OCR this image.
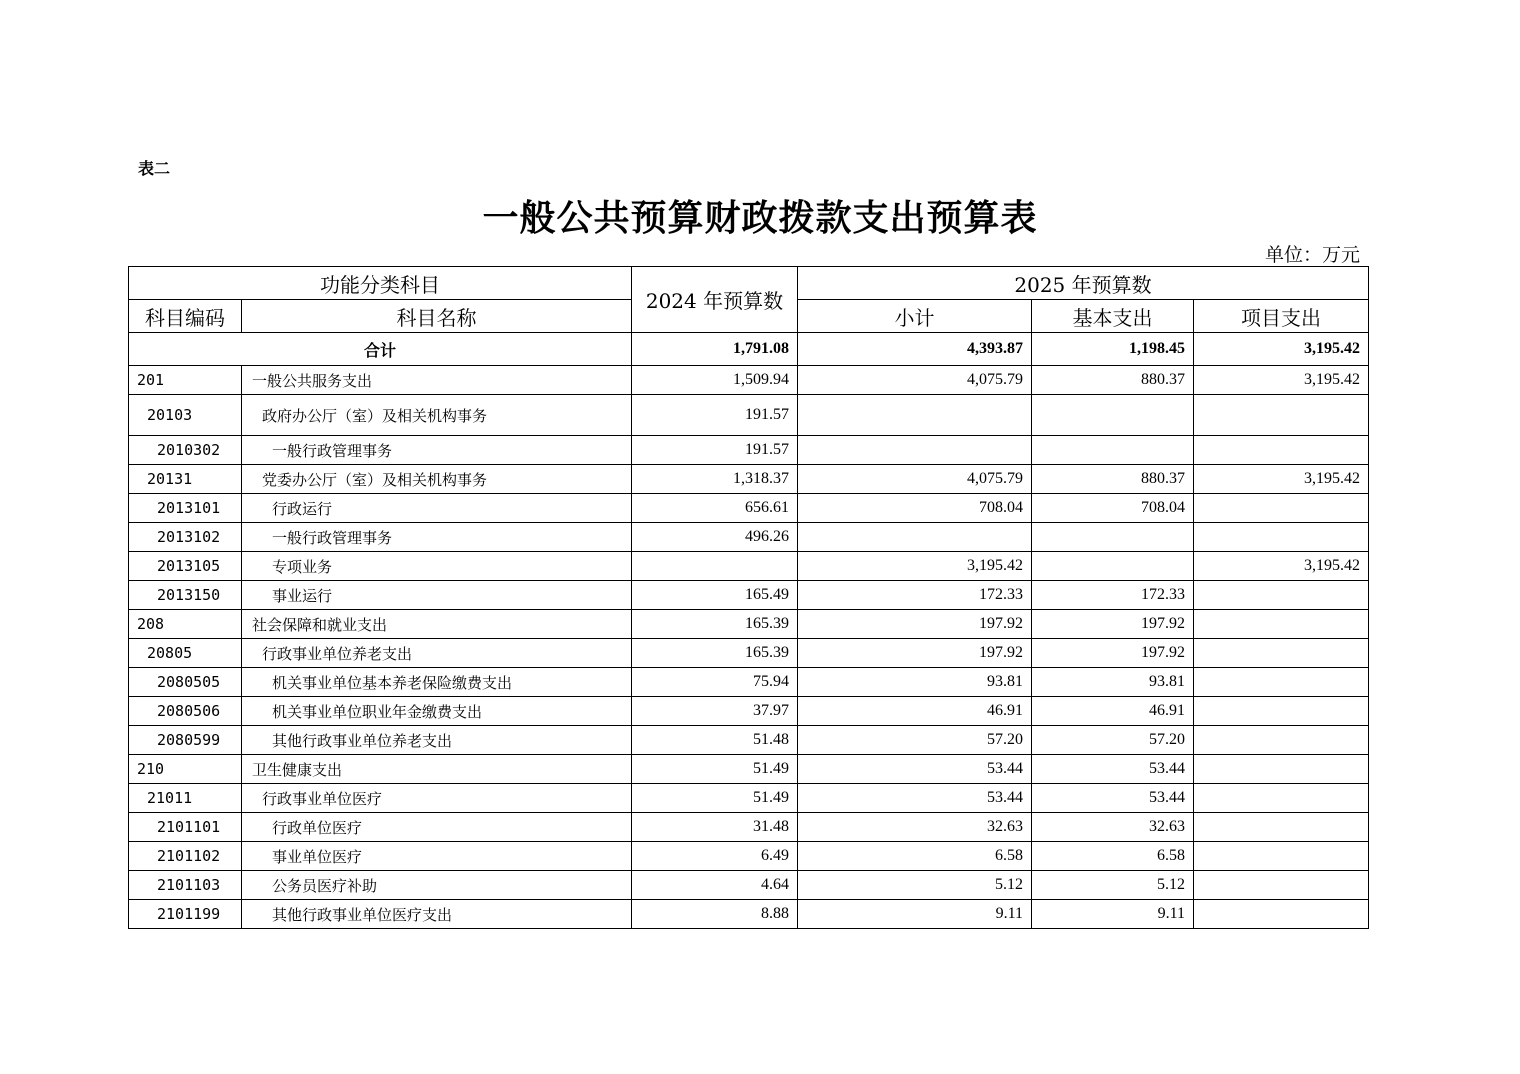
表二
一般公共预算财政拨款支出预算表
单位：万元
功能分类科目		2024 年预算数	2025 年预算数		
科目编码	科目名称		小计	基本支出	项目支出
合计		1,791.08	4,393.87	1,198.45	3,195.42
201	一般公共服务支出	1,509.94	4,075.79	880.37	3,195.42
20103	政府办公厅（室）及相关机构事务	191.57			
2010302	一般行政管理事务	191.57			
20131	党委办公厅（室）及相关机构事务	1,318.37	4,075.79	880.37	3,195.42
2013101	行政运行	656.61	708.04	708.04	
2013102	一般行政管理事务	496.26			
2013105	专项业务		3,195.42		3,195.42
2013150	事业运行	165.49	172.33	172.33	
208	社会保障和就业支出	165.39	197.92	197.92	
20805	行政事业单位养老支出	165.39	197.92	197.92	
2080505	机关事业单位基本养老保险缴费支出	75.94	93.81	93.81	
2080506	机关事业单位职业年金缴费支出	37.97	46.91	46.91	
2080599	其他行政事业单位养老支出	51.48	57.20	57.20	
210	卫生健康支出	51.49	53.44	53.44	
21011	行政事业单位医疗	51.49	53.44	53.44	
2101101	行政单位医疗	31.48	32.63	32.63	
2101102	事业单位医疗	6.49	6.58	6.58	
2101103	公务员医疗补助	4.64	5.12	5.12	
2101199	其他行政事业单位医疗支出	8.88	9.11	9.11	
